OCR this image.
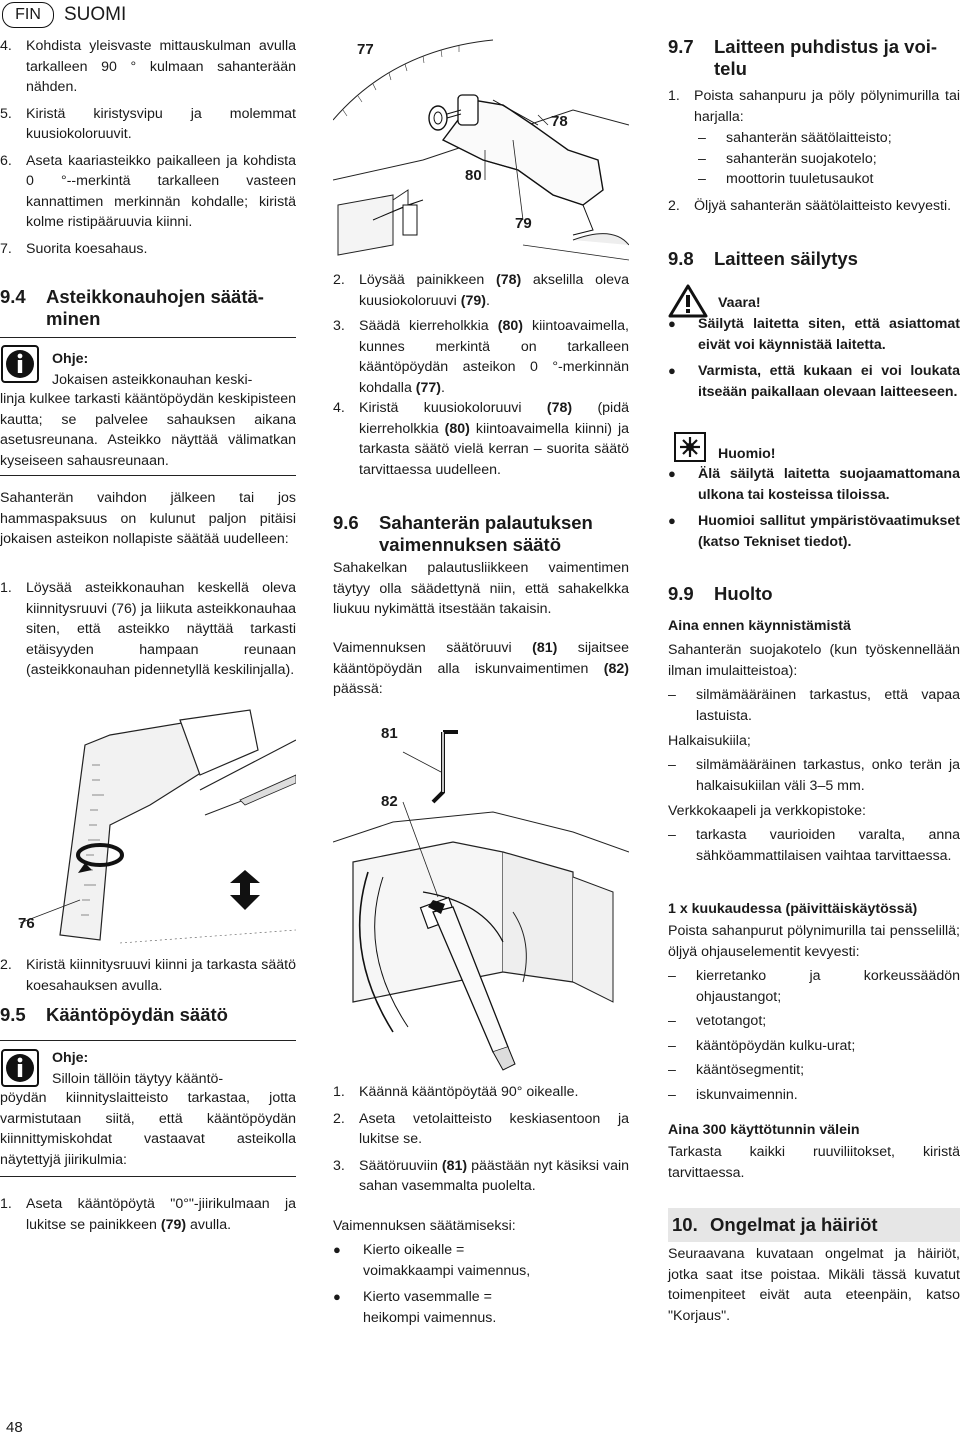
FIN	SUOMI
4. Kohdista yleisvaste mittauskulman avulla tarkalleen 90 ° kulmaan sahanterään nähden.
5. Kiristä kiristysvipu ja molemmat kuusiokoloruuvit.
6. Aseta kaariasteikko paikalleen ja kohdista 0 °--merkintä tarkalleen vasteen kannattimen merkinnän kohdalle; kiristä kolme ristipääruuvia kiinni.
7. Suorita koesahaus.
9.4	Asteikkonauhojen säätä-
minen
Ohje:

Jokaisen asteikkonauhan keski-

linja kulkee tarkasti kääntöpöydän keskipisteen kautta; se palvelee sahauksen aikana asetusreunana. Asteikko näyttää välimatkan kyseiseen sahausreunaan.

Sahanterän vaihdon jälkeen tai jos hammaspaksuus on kulunut paljon pitäisi jokaisen asteikon nollapiste säätää uudelleen:

1. Löysää asteikkonauhan keskellä oleva kiinnitysruuvi (76) ja liikuta asteikkonauhaa siten, että asteikko näyttää tarkasti etäisyyden hampaan reunaan (asteikkonauhan pidennetyllä keskilinjalla).
76
2. Kiristä kiinnitysruuvi kiinni ja tarkasta säätö koesahauksen avulla.
9.5	Kääntöpöydän säätö
Ohje:

Silloin tällöin täytyy kääntö-

pöydän kiinnityslaitteisto tarkastaa, jotta varmistutaan siitä, että kääntöpöydän kiinnittymiskohdat vastaavat asteikolla näytettyjä jiirikulmia:

1. Aseta kääntöpöytä "0°"-jiirikulmaan ja lukitse se painikkeen (79) avulla.
77
78
80
79
2. Löysää painikkeen (78) akselilla oleva kuusiokoloruuvi (79).
3. Säädä kierreholkkia (80) kiintoavaimella, kunnes merkintä on tarkalleen kääntöpöydän asteikon 0 °-merkinnän kohdalla (77).
4. Kiristä kuusiokoloruuvi (78) (pidä kierreholkkia (80) kiintoavaimella kiinni) ja tarkasta säätö vielä kerran – suorita säätö tarvittaessa uudelleen.
9.6	Sahanterän palautuksen
vaimennuksen säätö

Sahakelkan palautusliikkeen vaimentimen täytyy olla säädettynä niin, että sahakelkka liukuu nykimättä itsestään takaisin.

Vaimennuksen säätöruuvi (81) sijaitsee kääntöpöydän alla iskunvaimentimen (82) päässä:

81
82
1. Käännä kääntöpöytää 90° oikealle.
2. Aseta vetolaitteisto keskiasentoon ja lukitse se.
3. Säätöruuviin (81) päästään nyt käsiksi vain sahan vasemmalta puolelta.

Vaimennuksen säätämiseksi:

●	Kierto oikealle =
voimakkaampi vaimennus,
●	Kierto vasemmalle =
heikompi vaimennus.
9.7	Laitteen puhdistus ja voi-
telu
1. Poista sahanpuru ja pöly pölynimurilla tai harjalla:
–	sahanterän säätölaitteisto;
–	sahanterän suojakotelo;
–	moottorin tuuletusaukot
2. Öljyä sahanterän säätölaitteisto kevyesti.
9.8	Laitteen säilytys
Vaara!
●	Säilytä laitetta siten, että asiattomat eivät voi käynnistää laitetta.
●	Varmista, että kukaan ei voi loukata itseään paikallaan olevaan laitteeseen.
Huomio!
●	Älä säilytä laitetta suojaamattomana ulkona tai kosteissa tiloissa.
●	Huomioi sallitut ympäristövaatimukset (katso Tekniset tiedot).
9.9	Huolto
Aina ennen käynnistämistä

Sahanterän suojakotelo (kun työskennellään ilman imulaitteistoa):

–	silmämääräinen tarkastus, että vapaa lastuista.

Halkaisukiila;

–	silmämääräinen tarkastus, onko terän ja halkaisukiilan väli 3–5 mm.

Verkkokaapeli ja verkkopistoke:

–	tarkasta vaurioiden varalta, anna sähköammattilaisen vaihtaa tarvittaessa.
1 x kuukaudessa (päivittäiskäytössä)

Poista sahanpurut pölynimurilla tai pensselillä; öljyä ohjauselementit kevyesti:

–	kierretanko ja korkeussäädön ohjaustangot;
–	vetotangot;
–	kääntöpöydän kulku-urat;
–	kääntösegmentit;
–	iskunvaimennin.
Aina 300 käyttötunnin välein

Tarkasta kaikki ruuviliitokset, kiristä tarvittaessa.

10. Ongelmat ja häiriöt

Seuraavana kuvataan ongelmat ja häiriöt, jotka saat itse poistaa. Mikäli tässä kuvatut toimenpiteet eivät auta eteenpäin, katso "Korjaus".

48
